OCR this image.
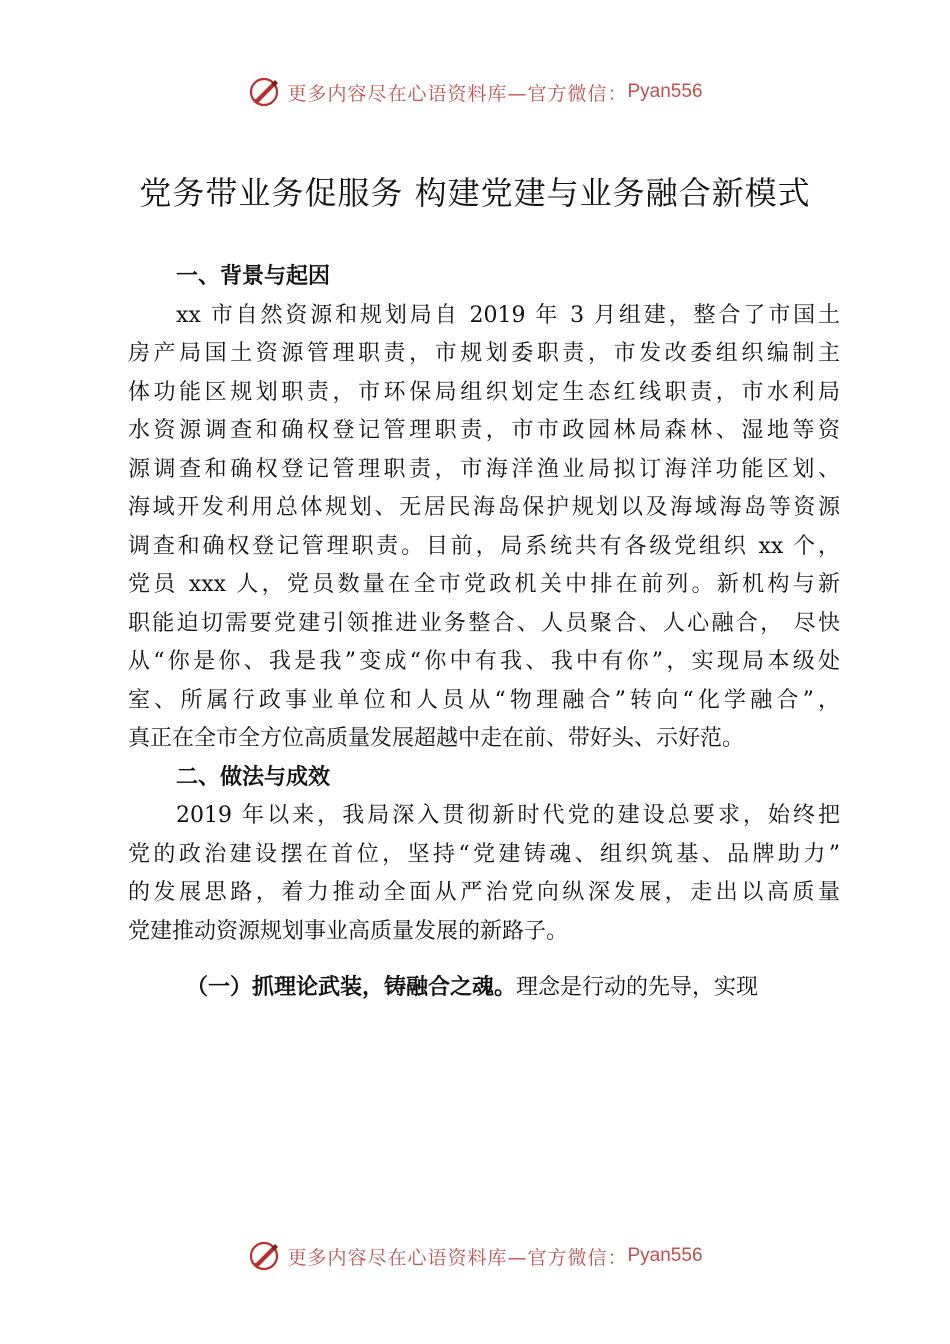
更多内容尽在心语资料库—官方微信： Pyan556
党务带业务促服务 构建党建与业务融合新模式
一、背景与起因
xx 市自然资源和规划局自 2019 年 3 月组建，整合了市国土
房产局国土资源管理职责，市规划委职责，市发改委组织编制主
体功能区规划职责，市环保局组织划定生态红线职责，市水利局
水资源调查和确权登记管理职责，市市政园林局森林、湿地等资
源调查和确权登记管理职责，市海洋渔业局拟订海洋功能区划、
海域开发利用总体规划、无居民海岛保护规划以及海域海岛等资源
调查和确权登记管理职责。目前，局系统共有各级党组织 xx 个，
党员 xxx 人，党员数量在全市党政机关中排在前列。新机构与新
职能迫切需要党建引领推进业务整合、人员聚合、人心融合， 尽快
从“你是你、我是我”变成“你中有我、我中有你”，实现局本级处
室、所属行政事业单位和人员从“物理融合”转向“化学融合”，
真正在全市全方位高质量发展超越中走在前、带好头、示好范。
二、做法与成效
2019 年以来，我局深入贯彻新时代党的建设总要求，始终把
党的政治建设摆在首位，坚持“党建铸魂、组织筑基、品牌助力”
的发展思路，着力推动全面从严治党向纵深发展，走出以高质量
党建推动资源规划事业高质量发展的新路子。
（一）抓理论武装，铸融合之魂。理念是行动的先导，实现
更多内容尽在心语资料库—官方微信： Pyan556
